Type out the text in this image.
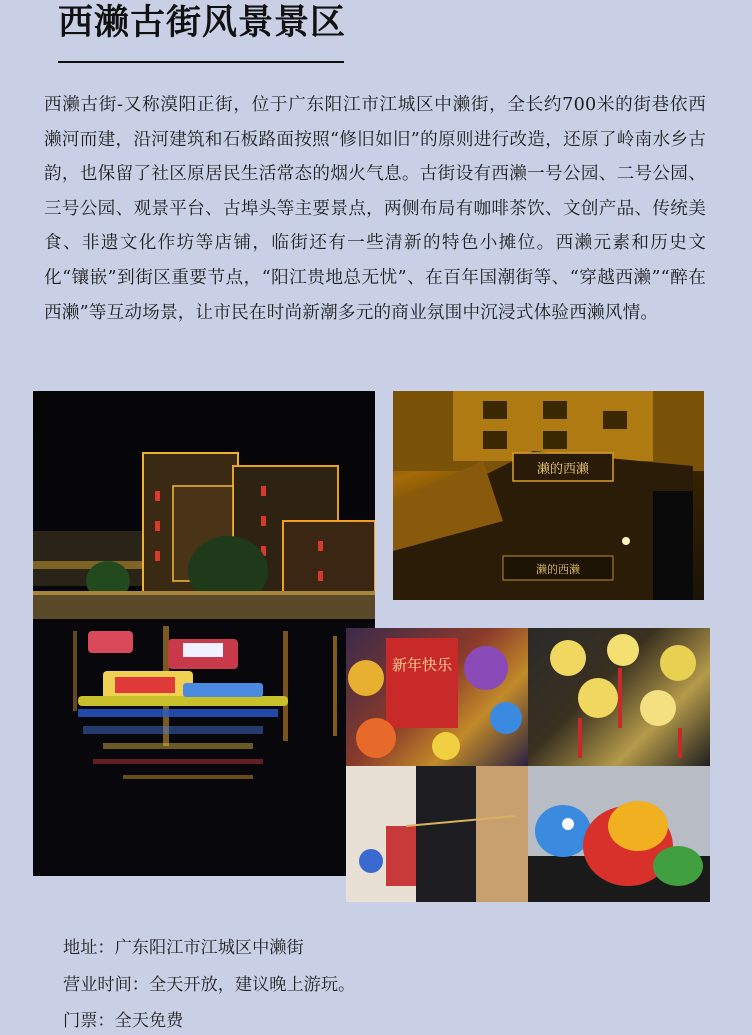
西濑古街风景景区

西濑古街-又称漠阳正街，位于广东阳江市江城区中濑街，全长约700米的街巷依西濑河而建，沿河建筑和石板路面按照“修旧如旧”的原则进行改造，还原了岭南水乡古韵，也保留了社区原居民生活常态的烟火气息。古街设有西濑一号公园、二号公园、三号公园、观景平台、古埠头等主要景点，两侧布局有咖啡茶饮、文创产品、传统美食、非遗文化作坊等店铺，临街还有一些清新的特色小摊位。西濑元素和历史文化“镶嵌”到街区重要节点，“阳江贵地总无忧”、在百年国潮街等、“穿越西濑”“醉在西濑”等互动场景，让市民在时尚新潮多元的商业氛围中沉浸式体验西濑风情。

濑的西濑
濑的西濑
新年快乐
地址：广东阳江市江城区中濑街
营业时间：全天开放，建议晚上游玩。
门票：全天免费
